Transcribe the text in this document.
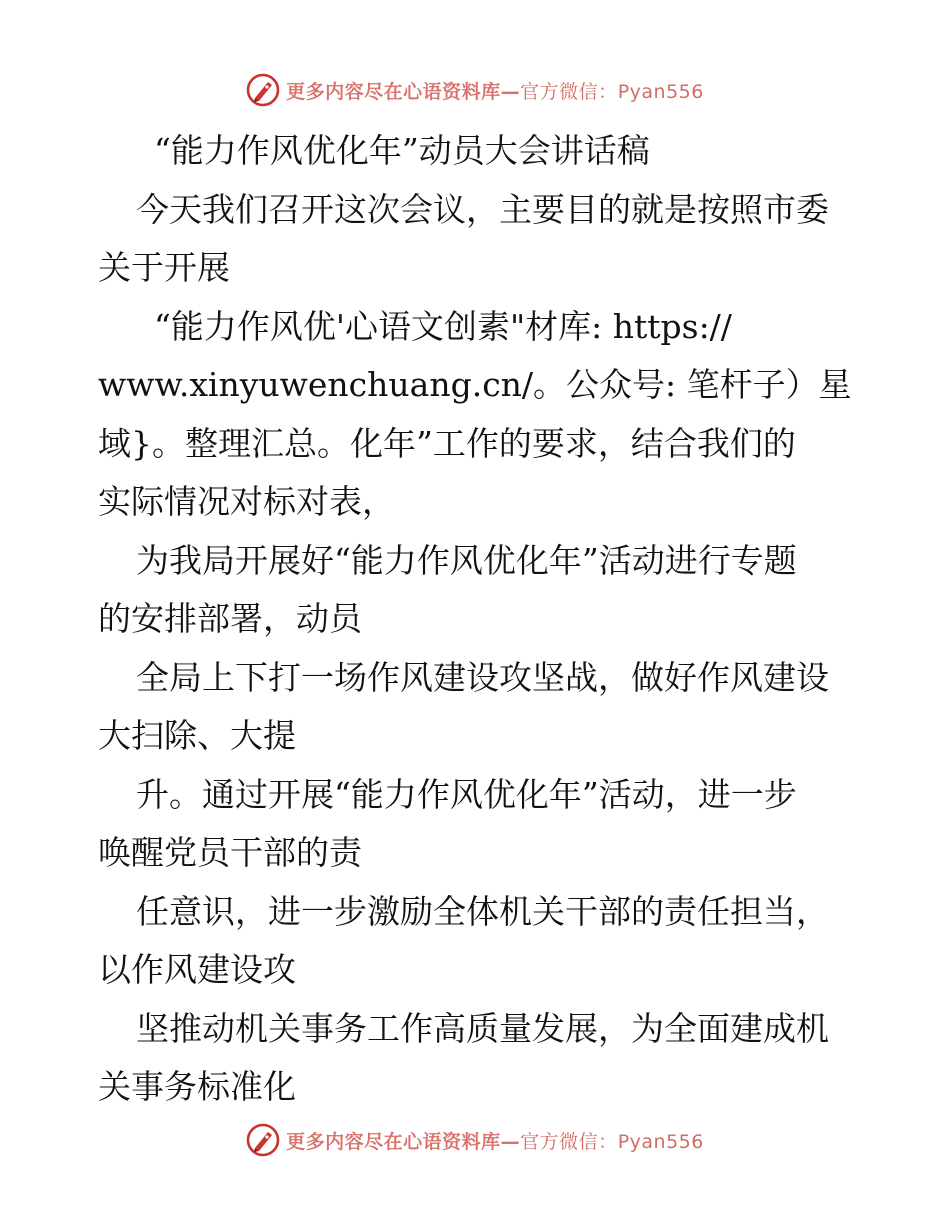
更多内容尽在心语资料库—官方微信：Pyan556

“能力作风优化年”动员大会讲话稿

今天我们召开这次会议，主要目的就是按照市委

关于开展

“能力作风优'心语文创素"材库: https://

www.xinyuwenchuang.cn/。公众号: 笔杆子）星

域}。整理汇总。化年”工作的要求，结合我们的

实际情况对标对表，

为我局开展好“能力作风优化年”活动进行专题

的安排部署，动员

全局上下打一场作风建设攻坚战，做好作风建设

大扫除、大提

升。通过开展“能力作风优化年”活动，进一步

唤醒党员干部的责

任意识，进一步激励全体机关干部的责任担当，

以作风建设攻

坚推动机关事务工作高质量发展，为全面建成机

关事务标准化

更多内容尽在心语资料库—官方微信：Pyan556
